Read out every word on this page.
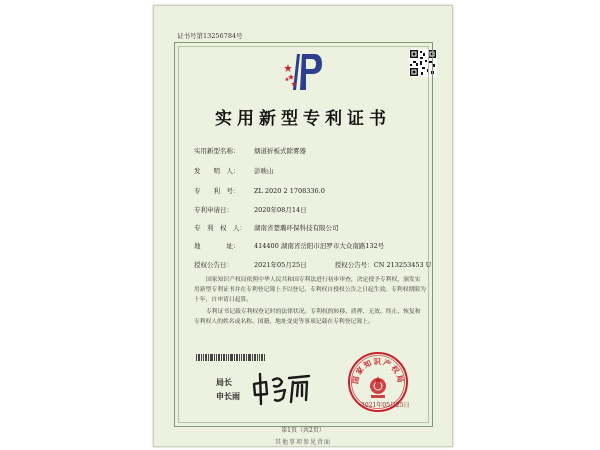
证书号第13256784号
实用新型专利证书
实用新型名称： 烟道折板式除雾器
发　　明　人： 彭映山
专　　利　号： ZL 2020 2 1708336.0
专利申请日：	2020年08月14日
专　利　权　人： 湖南省楚璐环保科技有限公司
地　　　　址： 414400 湖南省岳阳市汨罗市大众南路132号
授权公告日：	2021年05月25日	授权公告号：CN 213253453 U
国家知识产权局依照中华人民共和国专利法进行初步审查，决定授予专利权，颁发实用新型专利证书并在专利登记簿上予以登记。专利权自授权公告之日起生效。专利权期限为十年，自申请日起算。
专利证书记载专利权登记时的法律状况。专利权的转移、质押、无效、终止、恢复和专利权人的姓名或名称、国籍、地址变更等事项记载在专利登记簿上。
局长
申长雨
国家知识产权局
2021年05月25日
第1页（共2页）
其他事项参见背面
